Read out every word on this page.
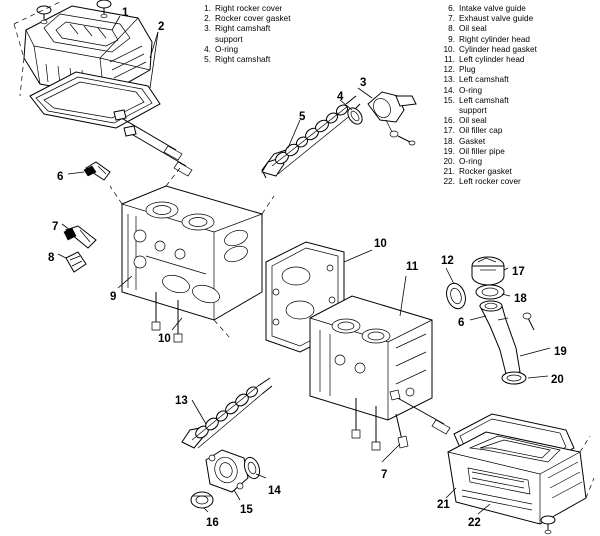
1. Right rocker cover
2. Rocker cover gasket
3. Right camshaft
support
4. O-ring
5. Right camshaft
6. Intake valve guide
7. Exhaust valve guide
8. Oil seal
9. Right cylinder head
10. Cylinder head gasket
11. Left cylinder head
12. Plug
13. Left camshaft
14. O-ring
15. Left camshaft
support
16. Oil seal
17. Oil filler cap
18. Gasket
19. Oil filler pipe
20. O-ring
21. Rocker gasket
22. Left rocker cover
1
2
3
4
5
6
7
8
9
10
10
11 12
17
18
6
19
20
13
7
14
15
16
21
22
